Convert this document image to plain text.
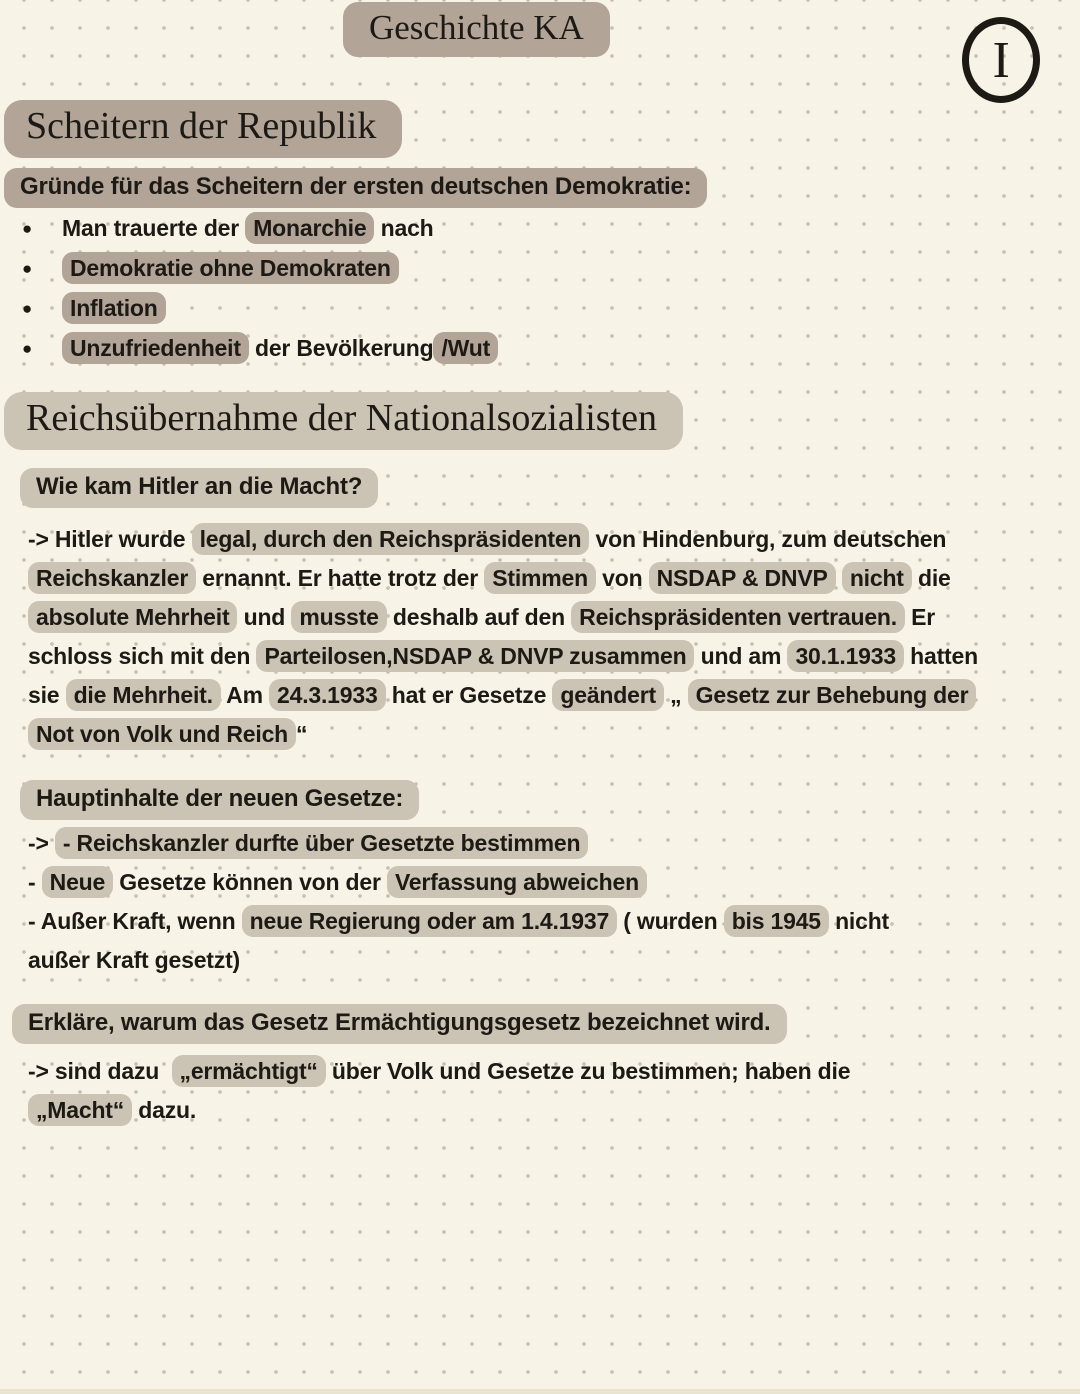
I
Geschichte KA
Scheitern der Republik
Gründe für das Scheitern der ersten deutschen Demokratie:
● Man trauerte der Monarchie nach
● Demokratie ohne Demokraten
● Inflation
● Unzufriedenheit der Bevölkerung /Wut
Reichsübernahme der Nationalsozialisten
Wie kam Hitler an die Macht?
-> Hitler wurde legal, durch den Reichspräsidenten von Hindenburg, zum deutschen
Reichskanzler ernannt. Er hatte trotz der Stimmen von NSDAP & DNVP nicht die
absolute Mehrheit und musste deshalb auf den Reichspräsidenten vertrauen. Er
schloss sich mit den Parteilosen,NSDAP & DNVP zusammen und am 30.1.1933 hatten
sie die Mehrheit. Am 24.3.1933 hat er Gesetze geändert „ Gesetz zur Behebung der
Not von Volk und Reich “
Hauptinhalte der neuen Gesetze:
-> - Reichskanzler durfte über Gesetzte bestimmen
- Neue Gesetze können von der Verfassung abweichen
- Außer Kraft, wenn neue Regierung oder am 1.4.1937 ( wurden bis 1945 nicht
außer Kraft gesetzt)
Erkläre, warum das Gesetz Ermächtigungsgesetz bezeichnet wird.
-> sind dazu  „ermächtigt“ über Volk und Gesetze zu bestimmen; haben die
„Macht“ dazu.
